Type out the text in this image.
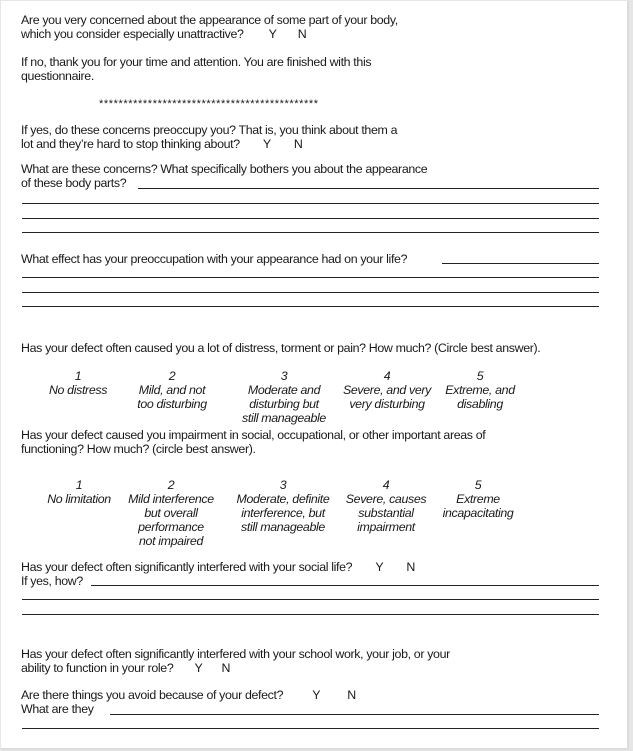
Are you very concerned about the appearance of some part of your body,
which you consider especially unattractive? Y N
If no, thank you for your time and attention. You are finished with this
questionnaire.
*********************************************
If yes, do these concerns preoccupy you? That is, you think about them a
lot and they’re hard to stop thinking about? Y N
What are these concerns? What specifically bothers you about the appearance
of these body parts?
What effect has your preoccupation with your appearance had on your life?
Has your defect often caused you a lot of distress, torment or pain? How much? (Circle best answer).
1
No distress
2
Mild, and not
too disturbing
3
Moderate and
disturbing but
still manageable
4
Severe, and very
very disturbing
5
Extreme, and
disabling
Has your defect caused you impairment in social, occupational, or other important areas of
functioning? How much? (circle best answer).
1
No limitation
2
Mild interference
but overall
performance
not impaired
3
Moderate, definite
interference, but
still manageable
4
Severe, causes
substantial
impairment
5
Extreme
incapacitating
Has your defect often significantly interfered with your social life? Y N
If yes, how?
Has your defect often significantly interfered with your school work, your job, or your
ability to function in your role? Y N
Are there things you avoid because of your defect? Y N
What are they
